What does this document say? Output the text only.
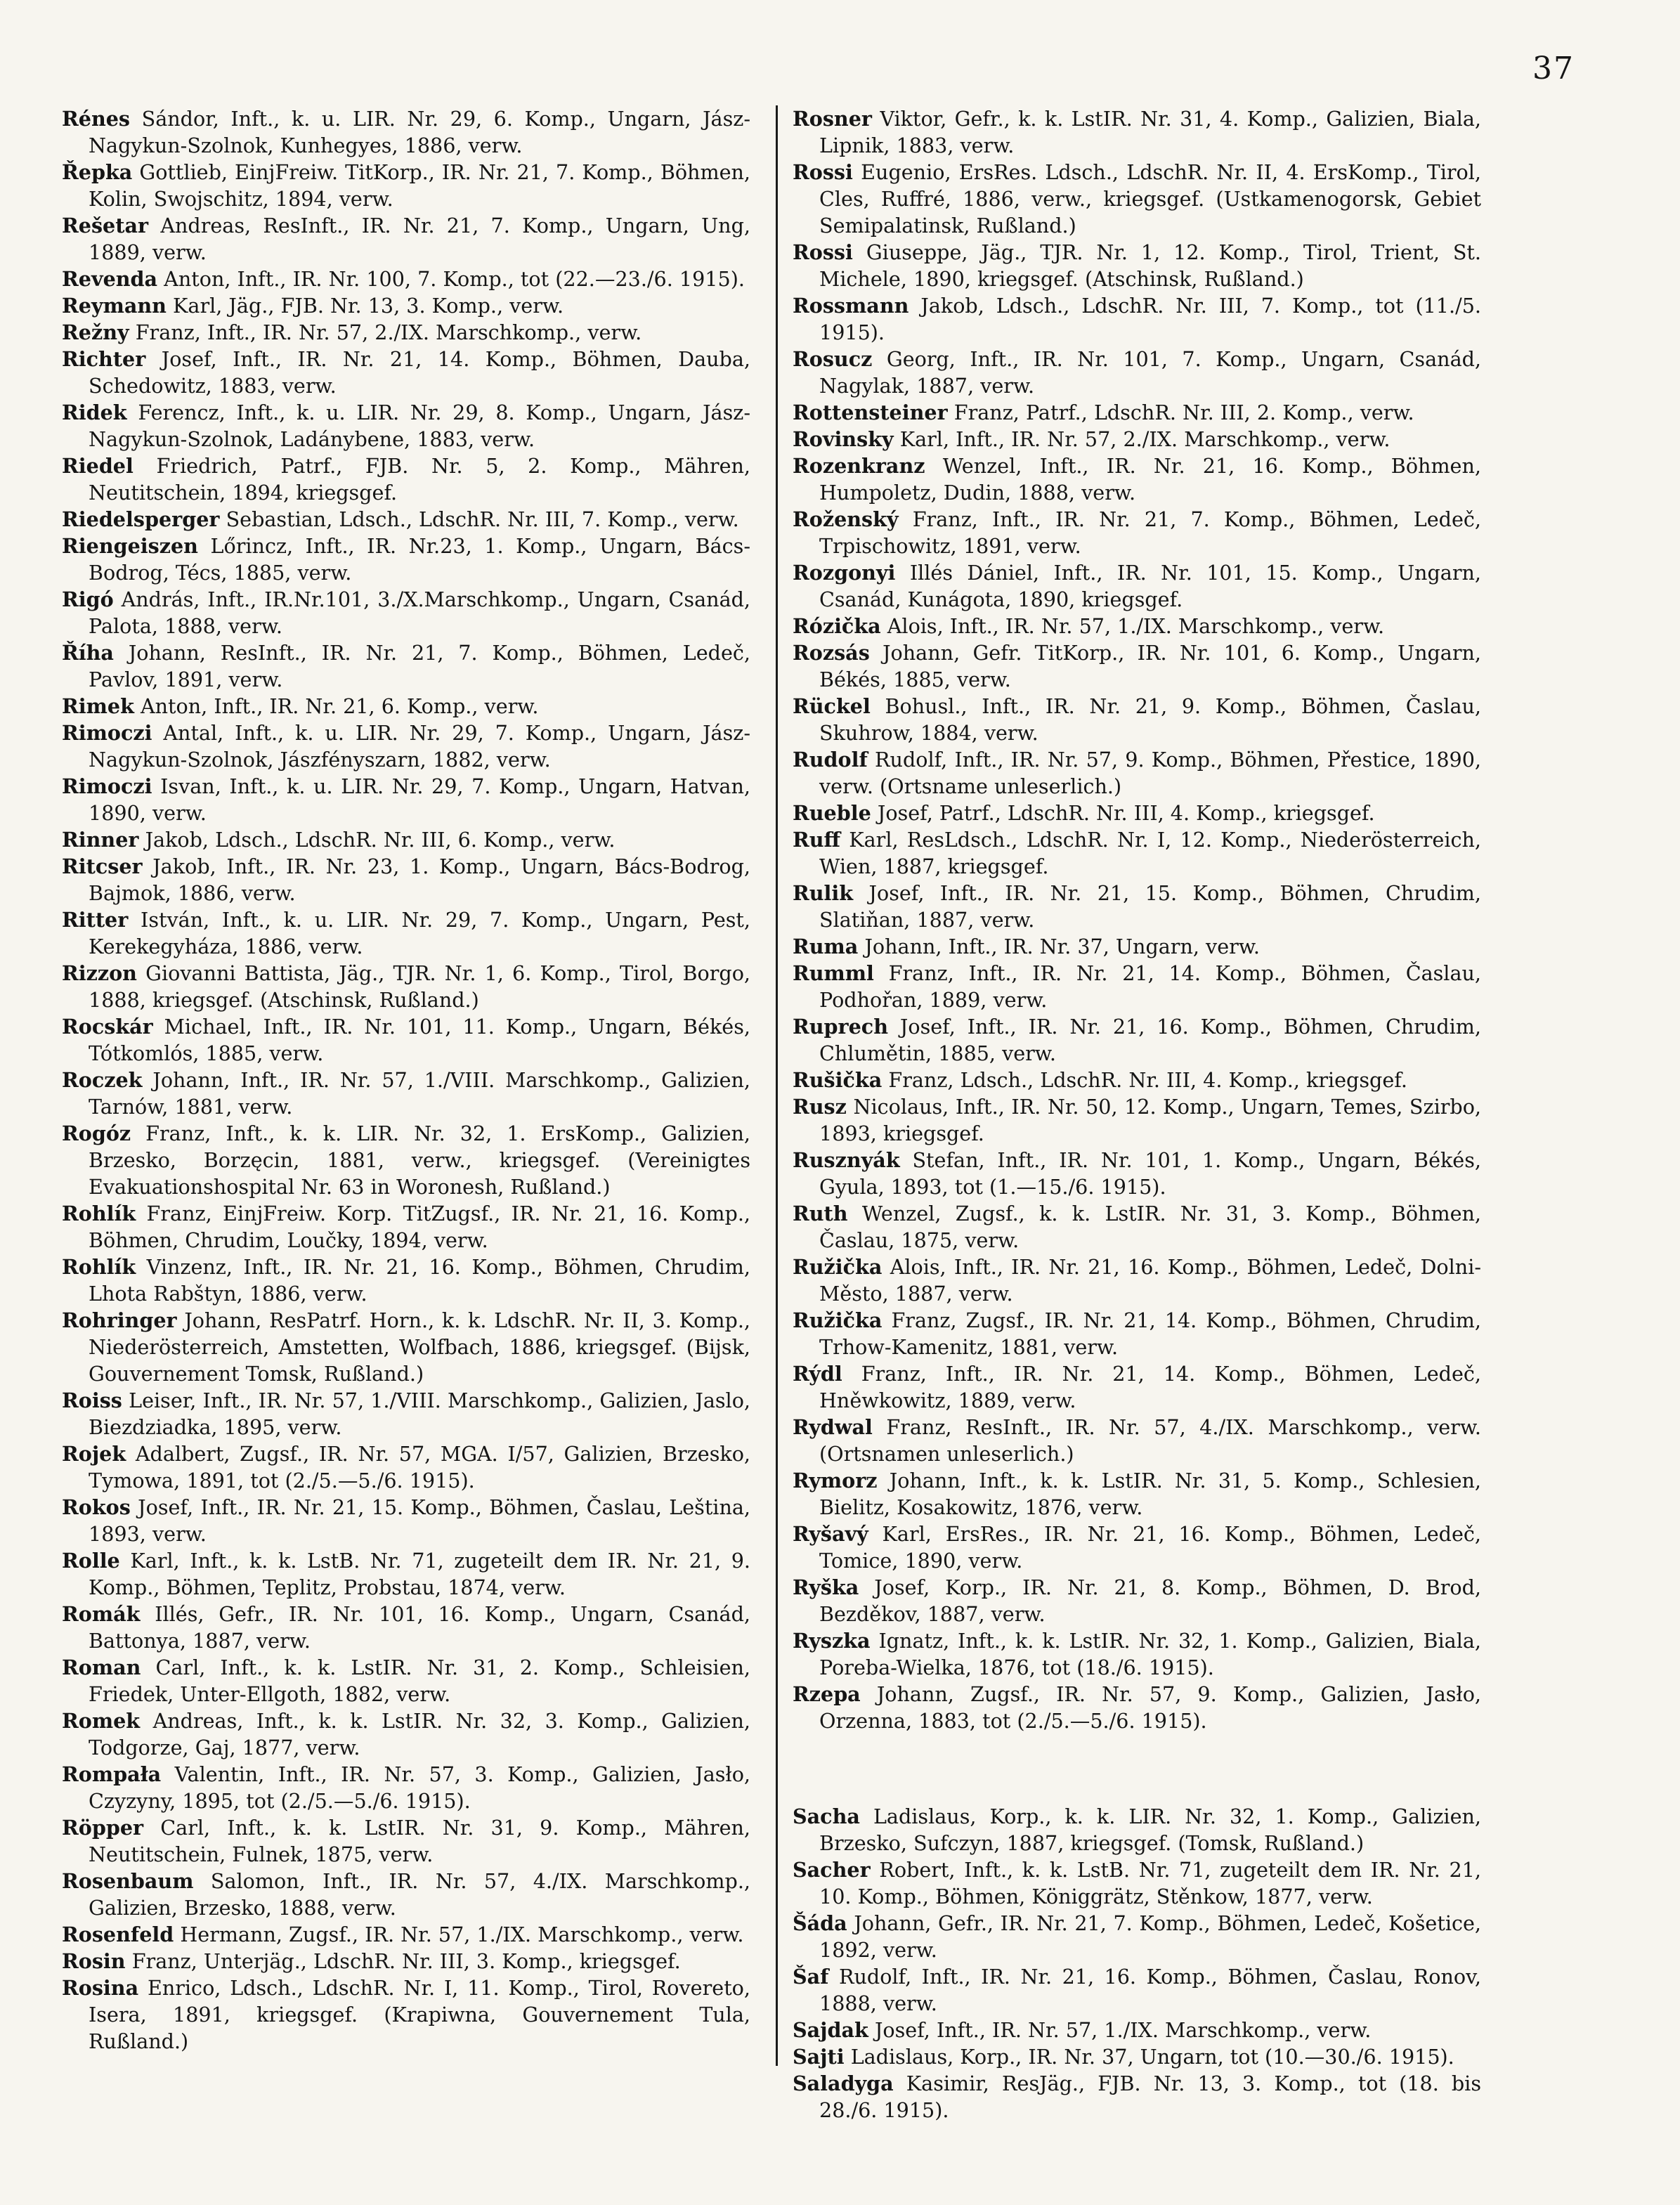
37
Rénes Sándor, Inft., k. u. LIR. Nr. 29, 6. Komp., Ungarn, Jász-Nagykun-Szolnok, Kunhegyes, 1886, verw.
Řepka Gottlieb, EinjFreiw. TitKorp., IR. Nr. 21, 7. Komp., Böhmen, Kolin, Swojschitz, 1894, verw.
Rešetar Andreas, ResInft., IR. Nr. 21, 7. Komp., Ungarn, Ung, 1889, verw.
Revenda Anton, Inft., IR. Nr. 100, 7. Komp., tot (22.—23./6. 1915).
Reymann Karl, Jäg., FJB. Nr. 13, 3. Komp., verw.
Režny Franz, Inft., IR. Nr. 57, 2./IX. Marschkomp., verw.
Richter Josef, Inft., IR. Nr. 21, 14. Komp., Böhmen, Dauba, Schedowitz, 1883, verw.
Ridek Ferencz, Inft., k. u. LIR. Nr. 29, 8. Komp., Ungarn, Jász-Nagykun-Szolnok, Ladánybene, 1883, verw.
Riedel Friedrich, Patrf., FJB. Nr. 5, 2. Komp., Mähren, Neutitschein, 1894, kriegsgef.
Riedelsperger Sebastian, Ldsch., LdschR. Nr. III, 7. Komp., verw.
Riengeiszen Lőrincz, Inft., IR. Nr.23, 1. Komp., Ungarn, Bács-Bodrog, Técs, 1885, verw.
Rigó András, Inft., IR.Nr.101, 3./X.Marschkomp., Ungarn, Csanád, Palota, 1888, verw.
Říha Johann, ResInft., IR. Nr. 21, 7. Komp., Böhmen, Ledeč, Pavlov, 1891, verw.
Rimek Anton, Inft., IR. Nr. 21, 6. Komp., verw.
Rimoczi Antal, Inft., k. u. LIR. Nr. 29, 7. Komp., Ungarn, Jász-Nagykun-Szolnok, Jászfényszarn, 1882, verw.
Rimoczi Isvan, Inft., k. u. LIR. Nr. 29, 7. Komp., Ungarn, Hatvan, 1890, verw.
Rinner Jakob, Ldsch., LdschR. Nr. III, 6. Komp., verw.
Ritcser Jakob, Inft., IR. Nr. 23, 1. Komp., Ungarn, Bács-Bodrog, Bajmok, 1886, verw.
Ritter István, Inft., k. u. LIR. Nr. 29, 7. Komp., Ungarn, Pest, Kerekegyháza, 1886, verw.
Rizzon Giovanni Battista, Jäg., TJR. Nr. 1, 6. Komp., Tirol, Borgo, 1888, kriegsgef. (Atschinsk, Rußland.)
Rocskár Michael, Inft., IR. Nr. 101, 11. Komp., Ungarn, Békés, Tótkomlós, 1885, verw.
Roczek Johann, Inft., IR. Nr. 57, 1./VIII. Marschkomp., Galizien, Tarnów, 1881, verw.
Rogóz Franz, Inft., k. k. LIR. Nr. 32, 1. ErsKomp., Galizien, Brzesko, Borzęcin, 1881, verw., kriegsgef. (Vereinigtes Evakuationshospital Nr. 63 in Woronesh, Rußland.)
Rohlík Franz, EinjFreiw. Korp. TitZugsf., IR. Nr. 21, 16. Komp., Böhmen, Chrudim, Loučky, 1894, verw.
Rohlík Vinzenz, Inft., IR. Nr. 21, 16. Komp., Böhmen, Chrudim, Lhota Rabštyn, 1886, verw.
Rohringer Johann, ResPatrf. Horn., k. k. LdschR. Nr. II, 3. Komp., Niederösterreich, Amstetten, Wolfbach, 1886, kriegsgef. (Bijsk, Gouvernement Tomsk, Rußland.)
Roiss Leiser, Inft., IR. Nr. 57, 1./VIII. Marschkomp., Galizien, Jaslo, Biezdziadka, 1895, verw.
Rojek Adalbert, Zugsf., IR. Nr. 57, MGA. I/57, Galizien, Brzesko, Tymowa, 1891, tot (2./5.—5./6. 1915).
Rokos Josef, Inft., IR. Nr. 21, 15. Komp., Böhmen, Časlau, Leština, 1893, verw.
Rolle Karl, Inft., k. k. LstB. Nr. 71, zugeteilt dem IR. Nr. 21, 9. Komp., Böhmen, Teplitz, Probstau, 1874, verw.
Romák Illés, Gefr., IR. Nr. 101, 16. Komp., Ungarn, Csanád, Battonya, 1887, verw.
Roman Carl, Inft., k. k. LstIR. Nr. 31, 2. Komp., Schleisien, Friedek, Unter-Ellgoth, 1882, verw.
Romek Andreas, Inft., k. k. LstIR. Nr. 32, 3. Komp., Galizien, Todgorze, Gaj, 1877, verw.
Rompała Valentin, Inft., IR. Nr. 57, 3. Komp., Galizien, Jasło, Czyzyny, 1895, tot (2./5.—5./6. 1915).
Röpper Carl, Inft., k. k. LstIR. Nr. 31, 9. Komp., Mähren, Neutitschein, Fulnek, 1875, verw.
Rosenbaum Salomon, Inft., IR. Nr. 57, 4./IX. Marschkomp., Galizien, Brzesko, 1888, verw.
Rosenfeld Hermann, Zugsf., IR. Nr. 57, 1./IX. Marschkomp., verw.
Rosin Franz, Unterjäg., LdschR. Nr. III, 3. Komp., kriegsgef.
Rosina Enrico, Ldsch., LdschR. Nr. I, 11. Komp., Tirol, Rovereto, Isera, 1891, kriegsgef. (Krapiwna, Gouvernement Tula, Rußland.)
Rosner Viktor, Gefr., k. k. LstIR. Nr. 31, 4. Komp., Galizien, Biala, Lipnik, 1883, verw.
Rossi Eugenio, ErsRes. Ldsch., LdschR. Nr. II, 4. ErsKomp., Tirol, Cles, Ruffré, 1886, verw., kriegsgef. (Ustkamenogorsk, Gebiet Semipalatinsk, Rußland.)
Rossi Giuseppe, Jäg., TJR. Nr. 1, 12. Komp., Tirol, Trient, St. Michele, 1890, kriegsgef. (Atschinsk, Rußland.)
Rossmann Jakob, Ldsch., LdschR. Nr. III, 7. Komp., tot (11./5. 1915).
Rosucz Georg, Inft., IR. Nr. 101, 7. Komp., Ungarn, Csanád, Nagylak, 1887, verw.
Rottensteiner Franz, Patrf., LdschR. Nr. III, 2. Komp., verw.
Rovinsky Karl, Inft., IR. Nr. 57, 2./IX. Marschkomp., verw.
Rozenkranz Wenzel, Inft., IR. Nr. 21, 16. Komp., Böhmen, Humpoletz, Dudin, 1888, verw.
Roženský Franz, Inft., IR. Nr. 21, 7. Komp., Böhmen, Ledeč, Trpischowitz, 1891, verw.
Rozgonyi Illés Dániel, Inft., IR. Nr. 101, 15. Komp., Ungarn, Csanád, Kunágota, 1890, kriegsgef.
Rózička Alois, Inft., IR. Nr. 57, 1./IX. Marschkomp., verw.
Rozsás Johann, Gefr. TitKorp., IR. Nr. 101, 6. Komp., Ungarn, Békés, 1885, verw.
Rückel Bohusl., Inft., IR. Nr. 21, 9. Komp., Böhmen, Časlau, Skuhrow, 1884, verw.
Rudolf Rudolf, Inft., IR. Nr. 57, 9. Komp., Böhmen, Přestice, 1890, verw. (Ortsname unleserlich.)
Rueble Josef, Patrf., LdschR. Nr. III, 4. Komp., kriegsgef.
Ruff Karl, ResLdsch., LdschR. Nr. I, 12. Komp., Niederösterreich, Wien, 1887, kriegsgef.
Rulik Josef, Inft., IR. Nr. 21, 15. Komp., Böhmen, Chrudim, Slatiňan, 1887, verw.
Ruma Johann, Inft., IR. Nr. 37, Ungarn, verw.
Rumml Franz, Inft., IR. Nr. 21, 14. Komp., Böhmen, Časlau, Podhořan, 1889, verw.
Ruprech Josef, Inft., IR. Nr. 21, 16. Komp., Böhmen, Chrudim, Chlumětin, 1885, verw.
Rušička Franz, Ldsch., LdschR. Nr. III, 4. Komp., kriegsgef.
Rusz Nicolaus, Inft., IR. Nr. 50, 12. Komp., Ungarn, Temes, Szirbo, 1893, kriegsgef.
Rusznyák Stefan, Inft., IR. Nr. 101, 1. Komp., Ungarn, Békés, Gyula, 1893, tot (1.—15./6. 1915).
Ruth Wenzel, Zugsf., k. k. LstIR. Nr. 31, 3. Komp., Böhmen, Časlau, 1875, verw.
Ružička Alois, Inft., IR. Nr. 21, 16. Komp., Böhmen, Ledeč, Dolni-Město, 1887, verw.
Ružička Franz, Zugsf., IR. Nr. 21, 14. Komp., Böhmen, Chrudim, Trhow-Kamenitz, 1881, verw.
Rýdl Franz, Inft., IR. Nr. 21, 14. Komp., Böhmen, Ledeč, Hněwkowitz, 1889, verw.
Rydwal Franz, ResInft., IR. Nr. 57, 4./IX. Marschkomp., verw. (Ortsnamen unleserlich.)
Rymorz Johann, Inft., k. k. LstIR. Nr. 31, 5. Komp., Schlesien, Bielitz, Kosakowitz, 1876, verw.
Ryšavý Karl, ErsRes., IR. Nr. 21, 16. Komp., Böhmen, Ledeč, Tomice, 1890, verw.
Ryška Josef, Korp., IR. Nr. 21, 8. Komp., Böhmen, D. Brod, Bezděkov, 1887, verw.
Ryszka Ignatz, Inft., k. k. LstIR. Nr. 32, 1. Komp., Galizien, Biala, Poreba-Wielka, 1876, tot (18./6. 1915).
Rzepa Johann, Zugsf., IR. Nr. 57, 9. Komp., Galizien, Jasło, Orzenna, 1883, tot (2./5.—5./6. 1915).
Sacha Ladislaus, Korp., k. k. LIR. Nr. 32, 1. Komp., Galizien, Brzesko, Sufczyn, 1887, kriegsgef. (Tomsk, Rußland.)
Sacher Robert, Inft., k. k. LstB. Nr. 71, zugeteilt dem IR. Nr. 21, 10. Komp., Böhmen, Königgrätz, Stěnkow, 1877, verw.
Šáda Johann, Gefr., IR. Nr. 21, 7. Komp., Böhmen, Ledeč, Košetice, 1892, verw.
Šaf Rudolf, Inft., IR. Nr. 21, 16. Komp., Böhmen, Časlau, Ronov, 1888, verw.
Sajdak Josef, Inft., IR. Nr. 57, 1./IX. Marschkomp., verw.
Sajti Ladislaus, Korp., IR. Nr. 37, Ungarn, tot (10.—30./6. 1915).
Saladyga Kasimir, ResJäg., FJB. Nr. 13, 3. Komp., tot (18. bis 28./6. 1915).
